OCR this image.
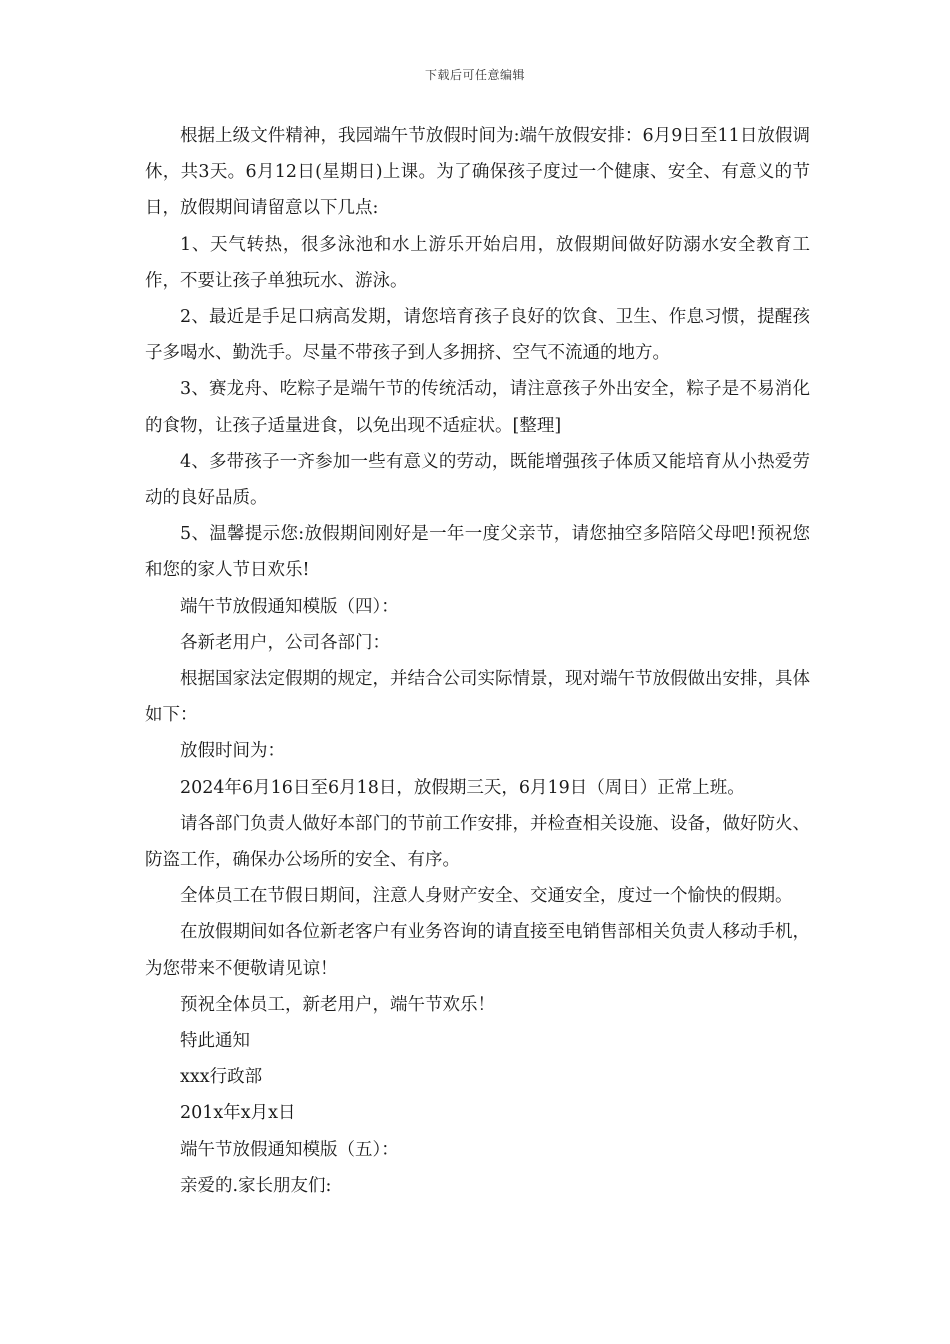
下载后可任意编辑

根据上级文件精神，我园端午节放假时间为:端午放假安排：6月9日至11日放假调休，共3天。6月12日(星期日)上课。为了确保孩子度过一个健康、安全、有意义的节日，放假期间请留意以下几点:

1、天气转热，很多泳池和水上游乐开始启用，放假期间做好防溺水安全教育工作，不要让孩子单独玩水、游泳。

2、最近是手足口病高发期，请您培育孩子良好的饮食、卫生、作息习惯，提醒孩子多喝水、勤洗手。尽量不带孩子到人多拥挤、空气不流通的地方。

3、赛龙舟、吃粽子是端午节的传统活动，请注意孩子外出安全，粽子是不易消化的食物，让孩子适量进食，以免出现不适症状。[整理]

4、多带孩子一齐参加一些有意义的劳动，既能增强孩子体质又能培育从小热爱劳动的良好品质。

5、温馨提示您:放假期间刚好是一年一度父亲节，请您抽空多陪陪父母吧!预祝您和您的家人节日欢乐!

端午节放假通知模版（四）：

各新老用户，公司各部门：

根据国家法定假期的规定，并结合公司实际情景，现对端午节放假做出安排，具体如下：

放假时间为：

2024年6月16日至6月18日，放假期三天，6月19日（周日）正常上班。

请各部门负责人做好本部门的节前工作安排，并检查相关设施、设备，做好防火、防盗工作，确保办公场所的安全、有序。

全体员工在节假日期间，注意人身财产安全、交通安全，度过一个愉快的假期。

在放假期间如各位新老客户有业务咨询的请直接至电销售部相关负责人移动手机，为您带来不便敬请见谅！

预祝全体员工，新老用户，端午节欢乐！

特此通知

xxx行政部

201x年x月x日

端午节放假通知模版（五）：

亲爱的.家长朋友们:
